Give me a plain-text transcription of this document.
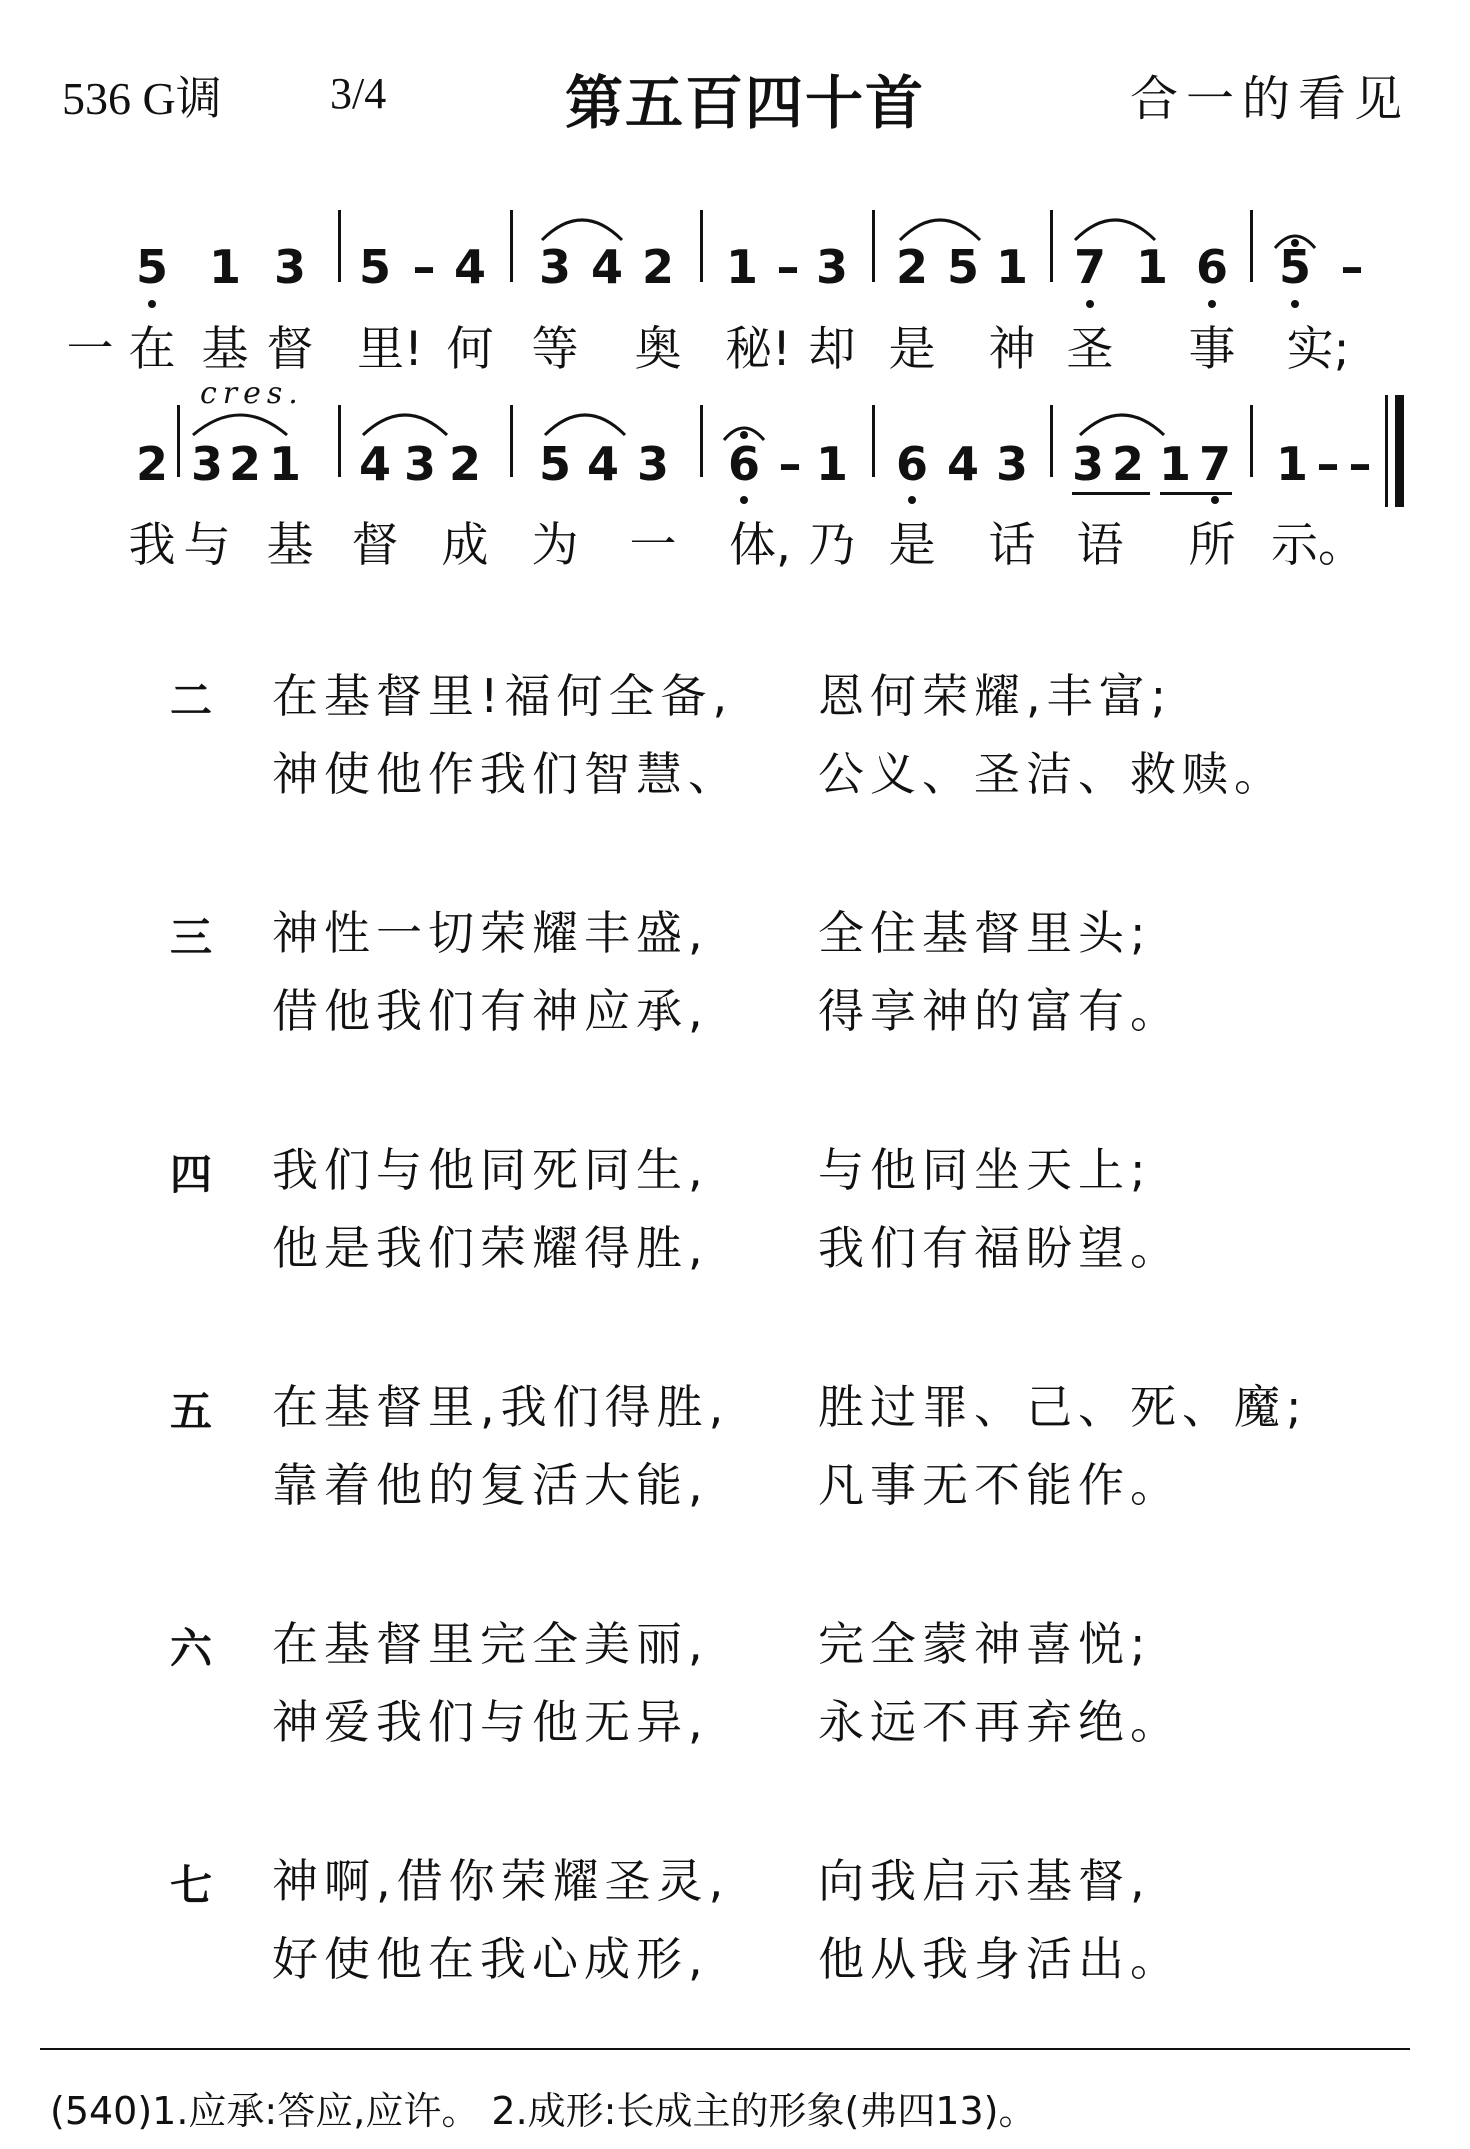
536 G调 3/4	第五百四十首	合一的看见
cres.
5 1 3 5 – 4 3 4 2 1 – 3 2 5 1 7 1 6 5 –
一 在 基 督 里! 何 等 奥 秘! 却 是 神 圣 事 实;
2 3 2 1 4 3 2 5 4 3 6 – 1 6 4 3 3 2 1 7 1 – –
我 与 基 督 成 为 一 体, 乃 是 话 语 所 示。
二 在基督里!福何全备, 恩何荣耀,丰富;
神使他作我们智慧、 公义、圣洁、救赎。
三 神性一切荣耀丰盛, 全住基督里头;
借他我们有神应承, 得享神的富有。
四 我们与他同死同生, 与他同坐天上;
他是我们荣耀得胜, 我们有福盼望。
五 在基督里,我们得胜, 胜过罪、己、死、魔;
靠着他的复活大能, 凡事无不能作。
六 在基督里完全美丽, 完全蒙神喜悦;
神爱我们与他无异, 永远不再弃绝。
七 神啊,借你荣耀圣灵, 向我启示基督,
好使他在我心成形, 他从我身活出。
(540)1.应承:答应,应许。 2.成形:长成主的形象(弗四13)。
